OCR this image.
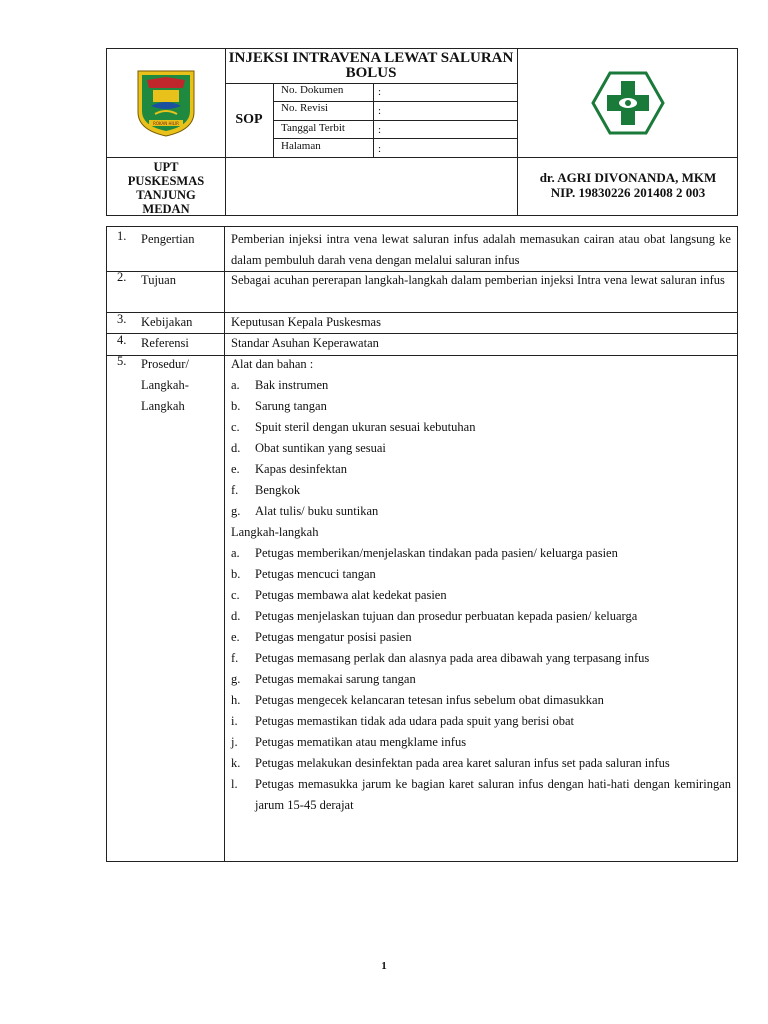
ROKAN HILIR
INJEKSI INTRAVENA LEWAT SALURAN BOLUS
SOP
No. Dokumen	:
No. Revisi	:
Tanggal Terbit	:
Halaman	:
UPT
PUSKESMAS
TANJUNG
MEDAN
dr. AGRI DIVONANDA, MKM
NIP. 19830226 201408 2 003
1. Pengertian	Pemberian injeksi intra vena lewat saluran infus adalah memasukan cairan atau obat langsung ke dalam pembuluh darah vena dengan melalui saluran infus
2. Tujuan	Sebagai acuhan pererapan langkah-langkah dalam pemberian injeksi Intra vena lewat saluran infus
3. Kebijakan	Keputusan Kepala Puskesmas
4. Referensi	Standar Asuhan Keperawatan
5. Prosedur/
Langkah-
Langkah
Alat dan bahan :
a. Bak instrumen
b. Sarung tangan
c. Spuit steril dengan ukuran sesuai kebutuhan
d. Obat suntikan yang sesuai
e. Kapas desinfektan
f. Bengkok
g. Alat tulis/ buku suntikan
Langkah-langkah
a. Petugas memberikan/menjelaskan tindakan pada pasien/ keluarga pasien
b. Petugas mencuci tangan
c. Petugas membawa alat kedekat pasien
d. Petugas menjelaskan tujuan dan prosedur perbuatan kepada pasien/ keluarga
e. Petugas mengatur posisi pasien
f. Petugas memasang perlak dan alasnya pada area dibawah yang terpasang infus
g. Petugas memakai sarung tangan
h. Petugas mengecek kelancaran tetesan infus sebelum obat dimasukkan
i. Petugas memastikan tidak ada udara pada spuit yang berisi obat
j. Petugas mematikan atau mengklame infus
k. Petugas melakukan desinfektan pada area karet saluran infus set pada saluran infus
l. Petugas memasukka jarum ke bagian karet saluran infus dengan hati-hati dengan kemiringan jarum 15-45 derajat
1
